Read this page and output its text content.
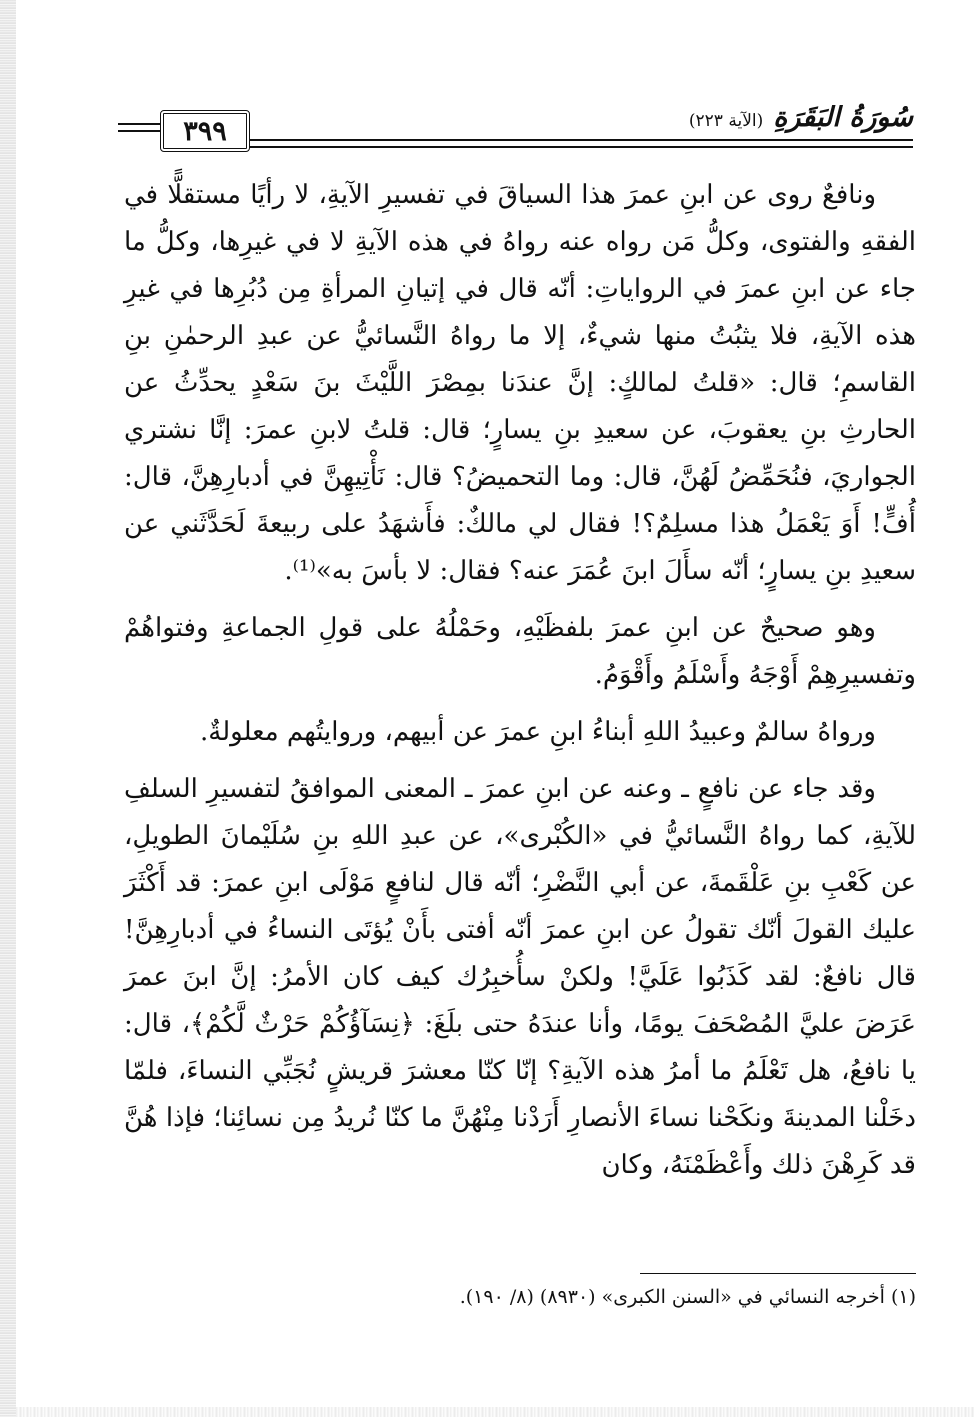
٣٩٩	سُورَةُ البَقَرَةِ
(الآية ٢٢٣)

ونافعٌ روى عن ابنِ عمرَ هذا السياقَ في تفسيرِ الآيةِ، لا رأيًا مستقلًّا في الفقهِ والفتوى، وكلُّ مَن رواه عنه رواهُ في هذه الآيةِ لا في غيرِها، وكلُّ ما جاء عن ابنِ عمرَ في الرواياتِ: أنّه قال في إتيانِ المرأةِ مِن دُبُرِها في غيرِ هذه الآيةِ، فلا يثبُتُ منها شيءٌ، إلا ما رواهُ النَّسائيُّ عن عبدِ الرحمٰنِ بنِ القاسمِ؛ قال: «قلتُ لمالكٍ: إنَّ عندَنا بمِصْرَ اللَّيْثَ بنَ سَعْدٍ يحدِّثُ عن الحارثِ بنِ يعقوبَ، عن سعيدِ بنِ يسارٍ؛ قال: قلتُ لابنِ عمرَ: إنَّا نشتري الجواريَ، فنُحَمِّضُ لَهُنَّ، قال: وما التحميضُ؟ قال: نَأْتِيهِنَّ في أدبارِهِنَّ، قال: أُفٍّ! أَوَ يَعْمَلُ هذا مسلِمٌ؟! فقال لي مالكٌ: فأَشهَدُ على ربيعةَ لَحَدَّثَني عن سعيدِ بنِ يسارٍ؛ أنّه سأَلَ ابنَ عُمَرَ عنه؟ فقال: لا بأسَ به»⁽¹⁾.

وهو صحيحٌ عن ابنِ عمرَ بلفظَيْهِ، وحَمْلُهُ على قولِ الجماعةِ وفتواهُمْ وتفسيرِهِمْ أَوْجَهُ وأَسْلَمُ وأَقْوَمُ.

ورواهُ سالمٌ وعبيدُ اللهِ أبناءُ ابنِ عمرَ عن أبيهم، وروايتُهم معلولةٌ.

وقد جاء عن نافعٍ ـ وعنه عن ابنِ عمرَ ـ المعنى الموافقُ لتفسيرِ السلفِ للآيةِ، كما رواهُ النَّسائيُّ في «الكُبْرى»، عن عبدِ اللهِ بنِ سُلَيْمانَ الطويلِ، عن كَعْبِ بنِ عَلْقَمةَ، عن أبي النَّضْرِ؛ أنّه قال لنافعٍ مَوْلَى ابنِ عمرَ: قد أَكْثَرَ عليك القولَ أنّك تقولُ عن ابنِ عمرَ أنّه أفتى بأَنْ يُؤتَى النساءُ في أدبارِهِنَّ! قال نافعٌ: لقد كَذَبُوا عَلَيَّ! ولكنْ سأُخبِرُك كيف كان الأمرُ: إنَّ ابنَ عمرَ عَرَضَ عليَّ المُصْحَفَ يومًا، وأنا عندَهُ حتى بلَغَ: ﴿نِسَآؤُكُمْ حَرْثٌ لَّكُمْ﴾، قال: يا نافعُ، هل تَعْلَمُ ما أمرُ هذه الآيةِ؟ إنّا كنّا معشرَ قريشٍ نُجَبِّي النساءَ، فلمّا دخَلْنا المدينةَ ونكَحْنا نساءَ الأنصارِ أَرَدْنا مِنْهُنَّ ما كنّا نُريدُ مِن نسائِنا؛ فإذا هُنَّ قد كَرِهْنَ ذلك وأَعْظَمْنَهُ، وكان

(١) أخرجه النسائي في «السنن الكبرى» (٨٩٣٠) (٨/ ١٩٠).
